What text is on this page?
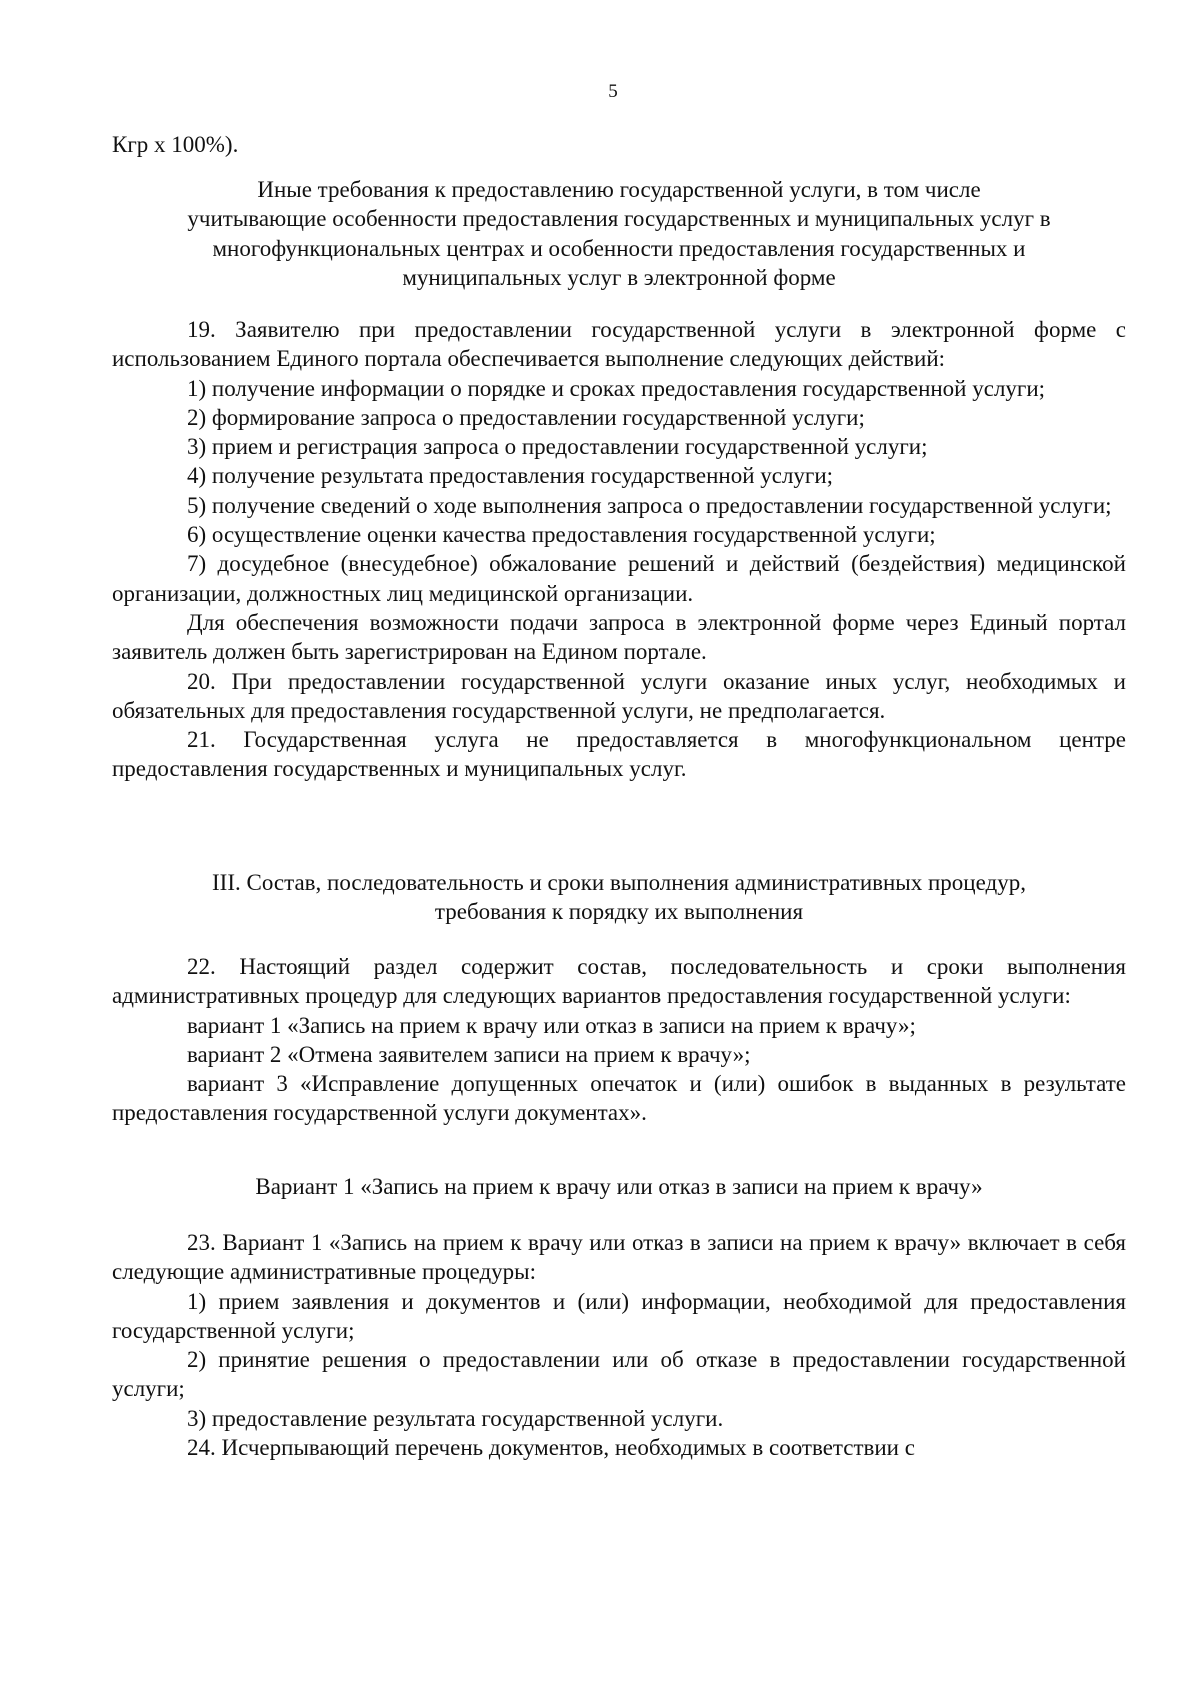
5
Кгр х 100%).

Иные требования к предоставлению государственной услуги, в том числе

учитывающие особенности предоставления государственных и муниципальных услуг в

многофункциональных центрах и особенности предоставления государственных и

муниципальных услуг в электронной форме

19. Заявителю при предоставлении государственной услуги в электронной форме с использованием Единого портала обеспечивается выполнение следующих действий:

1) получение информации о порядке и сроках предоставления государственной услуги;

2) формирование запроса о предоставлении государственной услуги;

3) прием и регистрация запроса о предоставлении государственной услуги;

4) получение результата предоставления государственной услуги;

5) получение сведений о ходе выполнения запроса о предоставлении государственной услуги;

6) осуществление оценки качества предоставления государственной услуги;

7) досудебное (внесудебное) обжалование решений и действий (бездействия) медицинской организации, должностных лиц медицинской организации.

Для обеспечения возможности подачи запроса в электронной форме через Единый портал заявитель должен быть зарегистрирован на Едином портале.

20. При предоставлении государственной услуги оказание иных услуг, необходимых и обязательных для предоставления государственной услуги, не предполагается.

21. Государственная услуга не предоставляется в многофункциональном центре предоставления государственных и муниципальных услуг.

III. Состав, последовательность и сроки выполнения административных процедур,

требования к порядку их выполнения

22. Настоящий раздел содержит состав, последовательность и сроки выполнения административных процедур для следующих вариантов предоставления государственной услуги:

вариант 1 «Запись на прием к врачу или отказ в записи на прием к врачу»;

вариант 2 «Отмена заявителем записи на прием к врачу»;

вариант 3 «Исправление допущенных опечаток и (или) ошибок в выданных в результате предоставления государственной услуги документах».

Вариант 1 «Запись на прием к врачу или отказ в записи на прием к врачу»

23. Вариант 1 «Запись на прием к врачу или отказ в записи на прием к врачу» включает в себя следующие административные процедуры:

1) прием заявления и документов и (или) информации, необходимой для предоставления государственной услуги;

2) принятие решения о предоставлении или об отказе в предоставлении государственной услуги;

3) предоставление результата государственной услуги.

24. Исчерпывающий перечень документов, необходимых в соответствии с
